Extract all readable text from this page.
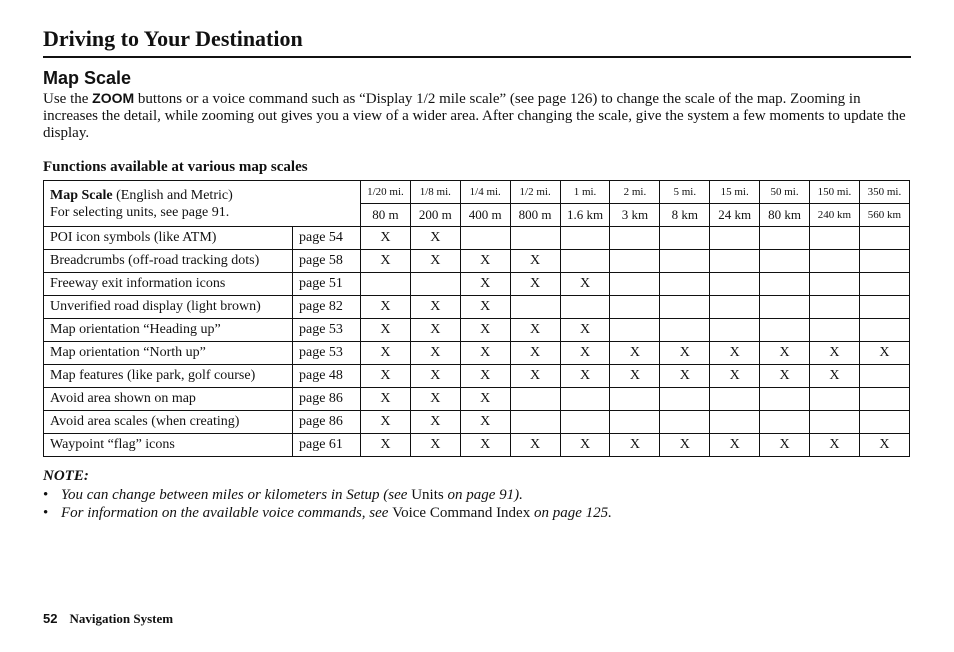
Driving to Your Destination
Map Scale

Use the ZOOM buttons or a voice command such as “Display 1/2 mile scale” (see page 126) to change the scale of the map. Zooming in increases the detail, while zooming out gives you a view of a wider area. After changing the scale, give the system a few moments to update the display.

Functions available at various map scales
Map Scale (English and Metric)
For selecting units, see page 91.		1/20 mi.	1/8 mi.	1/4 mi.	1/2 mi.	1 mi.	2 mi.	5 mi.	15 mi.	50 mi.	150 mi.	350 mi.
		80 m	200 m	400 m	800 m	1.6 km	3 km	8 km	24 km	80 km	240 km	560 km
POI icon symbols (like ATM)	page 54	X	X									
Breadcrumbs (off-road tracking dots)	page 58	X	X	X	X							
Freeway exit information icons	page 51			X	X	X						
Unverified road display (light brown)	page 82	X	X	X								
Map orientation “Heading up”	page 53	X	X	X	X	X						
Map orientation “North up”	page 53	X	X	X	X	X	X	X	X	X	X	X
Map features (like park, golf course)	page 48	X	X	X	X	X	X	X	X	X	X	
Avoid area shown on map	page 86	X	X	X								
Avoid area scales (when creating)	page 86	X	X	X								
Waypoint “flag” icons	page 61	X	X	X	X	X	X	X	X	X	X	X

NOTE:

• You can change between miles or kilometers in Setup (see Units on page 91).
• For information on the available voice commands, see Voice Command Index on page 125.
52 Navigation System
